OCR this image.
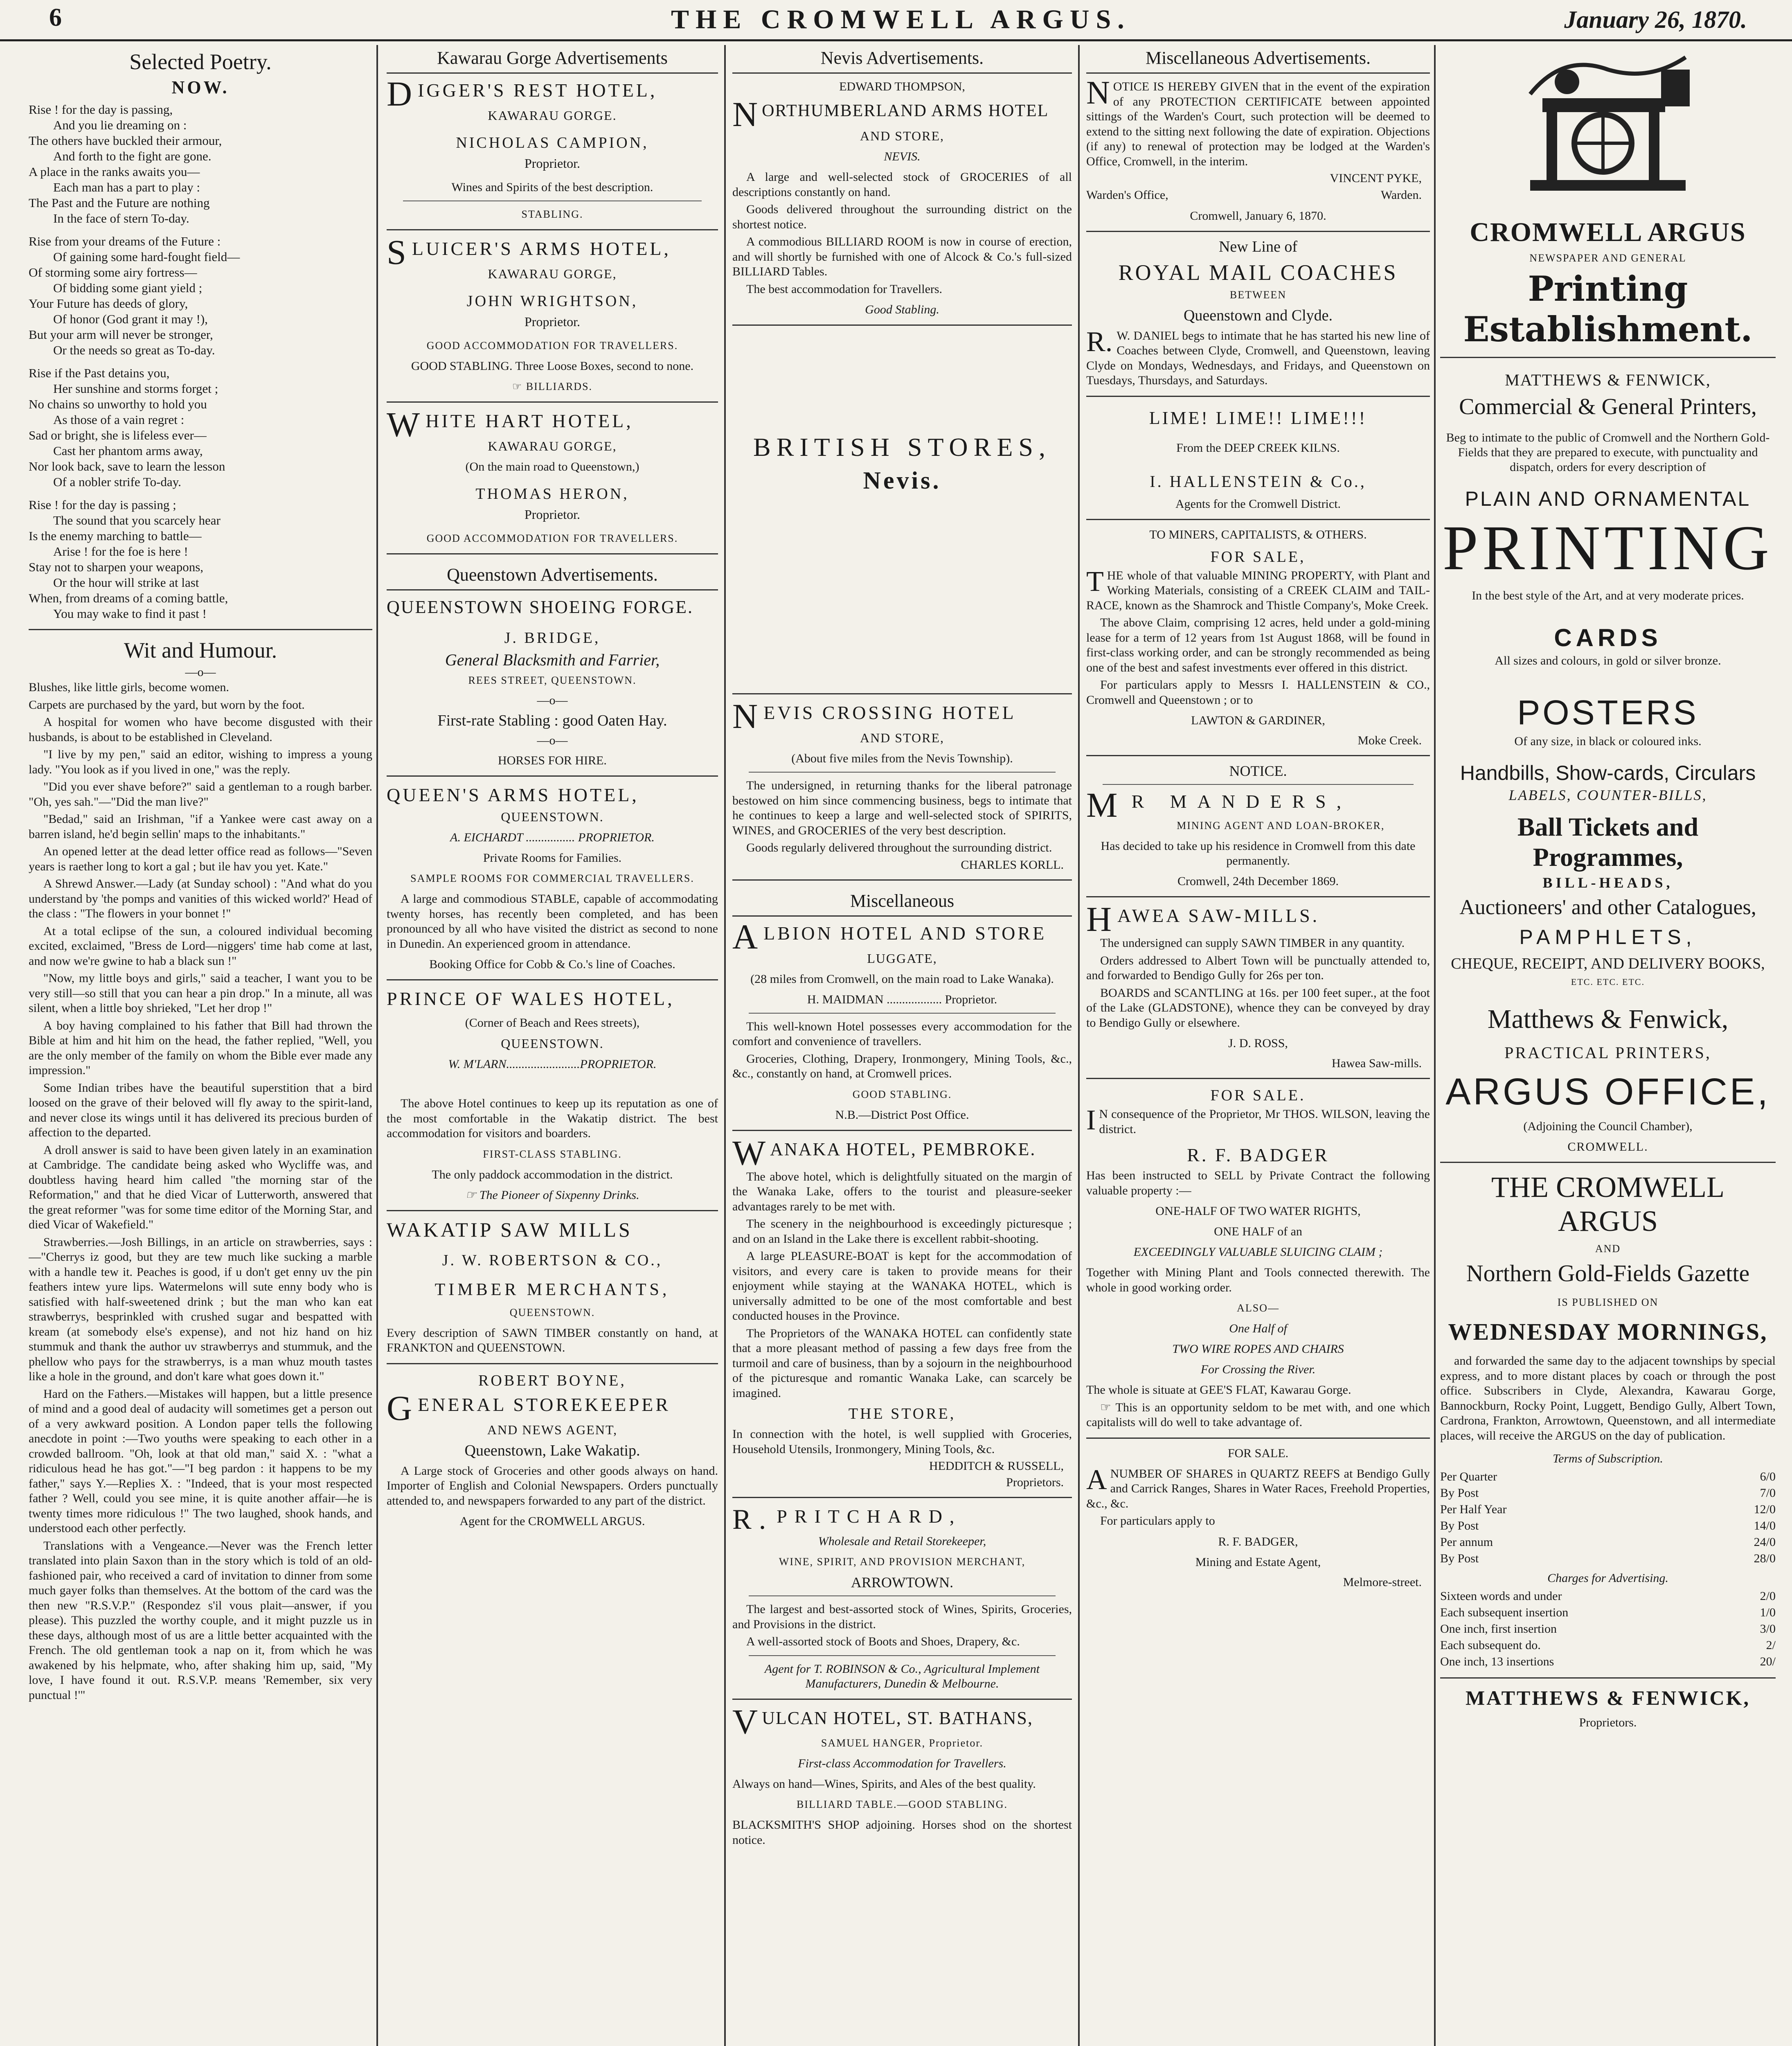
6	THE CROMWELL ARGUS.	January 26, 1870.
Selected Poetry.
NOW.
Rise ! for the day is passing,
And you lie dreaming on :
The others have buckled their armour,
And forth to the fight are gone.
A place in the ranks awaits you—
Each man has a part to play :
The Past and the Future are nothing
In the face of stern To-day.
Rise from your dreams of the Future :
Of gaining some hard-fought field—
Of storming some airy fortress—
Of bidding some giant yield ;
Your Future has deeds of glory,
Of honor (God grant it may !),
But your arm will never be stronger,
Or the needs so great as To-day.
Rise if the Past detains you,
Her sunshine and storms forget ;
No chains so unworthy to hold you
As those of a vain regret :
Sad or bright, she is lifeless ever—
Cast her phantom arms away,
Nor look back, save to learn the lesson
Of a nobler strife To-day.
Rise ! for the day is passing ;
The sound that you scarcely hear
Is the enemy marching to battle—
Arise ! for the foe is here !
Stay not to sharpen your weapons,
Or the hour will strike at last
When, from dreams of a coming battle,
You may wake to find it past !
Wit and Humour.
—o—

Blushes, like little girls, become women.

Carpets are purchased by the yard, but worn by the foot.

A hospital for women who have become disgusted with their husbands, is about to be established in Cleveland.

"I live by my pen," said an editor, wishing to impress a young lady. "You look as if you lived in one," was the reply.

"Did you ever shave before?" said a gentleman to a rough barber. "Oh, yes sah."—"Did the man live?"

"Bedad," said an Irishman, "if a Yankee were cast away on a barren island, he'd begin sellin' maps to the inhabitants."

An opened letter at the dead letter office read as follows—"Seven years is raether long to kort a gal ; but ile hav you yet. Kate."

A Shrewd Answer.—Lady (at Sunday school) : "And what do you understand by 'the pomps and vanities of this wicked world?' Head of the class : "The flowers in your bonnet !"

At a total eclipse of the sun, a coloured individual becoming excited, exclaimed, "Bress de Lord—niggers' time hab come at last, and now we're gwine to hab a black sun !"

"Now, my little boys and girls," said a teacher, I want you to be very still—so still that you can hear a pin drop." In a minute, all was silent, when a little boy shrieked, "Let her drop !"

A boy having complained to his father that Bill had thrown the Bible at him and hit him on the head, the father replied, "Well, you are the only member of the family on whom the Bible ever made any impression."

Some Indian tribes have the beautiful superstition that a bird loosed on the grave of their beloved will fly away to the spirit-land, and never close its wings until it has delivered its precious burden of affection to the departed.

A droll answer is said to have been given lately in an examination at Cambridge. The candidate being asked who Wycliffe was, and doubtless having heard him called "the morning star of the Reformation," and that he died Vicar of Lutterworth, answered that the great reformer "was for some time editor of the Morning Star, and died Vicar of Wakefield."

Strawberries.—Josh Billings, in an article on strawberries, says :—"Cherrys iz good, but they are tew much like sucking a marble with a handle tew it. Peaches is good, if u don't get enny uv the pin feathers intew yure lips. Watermelons will sute enny body who is satisfied with half-sweetened drink ; but the man who kan eat strawberrys, besprinkled with crushed sugar and bespatted with kream (at somebody else's expense), and not hiz hand on hiz stummuk and thank the author uv strawberrys and stummuk, and the phellow who pays for the strawberrys, is a man whuz mouth tastes like a hole in the ground, and don't kare what goes down it."

Hard on the Fathers.—Mistakes will happen, but a little presence of mind and a good deal of audacity will sometimes get a person out of a very awkward position. A London paper tells the following anecdote in point :—Two youths were speaking to each other in a crowded ballroom. "Oh, look at that old man," said X. : "what a ridiculous head he has got."—"I beg pardon : it happens to be my father," says Y.—Replies X. : "Indeed, that is your most respected father ? Well, could you see mine, it is quite another affair—he is twenty times more ridiculous !" The two laughed, shook hands, and understood each other perfectly.

Translations with a Vengeance.—Never was the French letter translated into plain Saxon than in the story which is told of an old-fashioned pair, who received a card of invitation to dinner from some much gayer folks than themselves. At the bottom of the card was the then new "R.S.V.P." (Respondez s'il vous plait—answer, if you please). This puzzled the worthy couple, and it might puzzle us in these days, although most of us are a little better acquainted with the French. The old gentleman took a nap on it, from which he was awakened by his helpmate, who, after shaking him up, said, "My love, I have found it out. R.S.V.P. means 'Remember, six very punctual !'"

Kawarau Gorge Advertisements
DIGGER'S REST HOTEL,
KAWARAU GORGE.
NICHOLAS CAMPION,
Proprietor.
Wines and Spirits of the best description.
STABLING.
SLUICER'S ARMS HOTEL,
KAWARAU GORGE,
JOHN WRIGHTSON,
Proprietor.
GOOD ACCOMMODATION FOR TRAVELLERS.
GOOD STABLING. Three Loose Boxes, second to none.
☞ BILLIARDS.
WHITE HART HOTEL,
KAWARAU GORGE,
(On the main road to Queenstown,)
THOMAS HERON,
Proprietor.
GOOD ACCOMMODATION FOR TRAVELLERS.
Queenstown Advertisements.
QUEENSTOWN SHOEING FORGE.
J. BRIDGE,
General Blacksmith and Farrier,
REES STREET, QUEENSTOWN.
—o—
First-rate Stabling : good Oaten Hay.
—o—
HORSES FOR HIRE.
QUEEN'S ARMS HOTEL,
QUEENSTOWN.
A. EICHARDT ................ PROPRIETOR.
Private Rooms for Families.
SAMPLE ROOMS FOR COMMERCIAL TRAVELLERS.
A large and commodious STABLE, capable of accommodating twenty horses, has recently been completed, and has been pronounced by all who have visited the district as second to none in Dunedin. An experienced groom in attendance.
Booking Office for Cobb & Co.'s line of Coaches.
PRINCE OF WALES HOTEL,
(Corner of Beach and Rees streets),
QUEENSTOWN.
W. M'LARN........................PROPRIETOR.
The above Hotel continues to keep up its reputation as one of the most comfortable in the Wakatip district. The best accommodation for visitors and boarders.
FIRST-CLASS STABLING.
The only paddock accommodation in the district.
☞ The Pioneer of Sixpenny Drinks.
WAKATIP SAW MILLS
J. W. ROBERTSON & CO.,
TIMBER MERCHANTS,
QUEENSTOWN.
Every description of SAWN TIMBER constantly on hand, at FRANKTON and QUEENSTOWN.
ROBERT BOYNE,
GENERAL STOREKEEPER
AND NEWS AGENT,
Queenstown, Lake Wakatip.
A Large stock of Groceries and other goods always on hand. Importer of English and Colonial Newspapers. Orders punctually attended to, and newspapers forwarded to any part of the district.
Agent for the CROMWELL ARGUS.
Nevis Advertisements.
EDWARD THOMPSON,
NORTHUMBERLAND ARMS HOTEL
AND STORE,
NEVIS.
A large and well-selected stock of GROCERIES of all descriptions constantly on hand.
Goods delivered throughout the surrounding district on the shortest notice.
A commodious BILLIARD ROOM is now in course of erection, and will shortly be furnished with one of Alcock & Co.'s full-sized BILLIARD Tables.
The best accommodation for Travellers.
Good Stabling.
BRITISH STORES,
Nevis.
NEVIS CROSSING HOTEL
AND STORE,
(About five miles from the Nevis Township).
The undersigned, in returning thanks for the liberal patronage bestowed on him since commencing business, begs to intimate that he continues to keep a large and well-selected stock of SPIRITS, WINES, and GROCERIES of the very best description.
Goods regularly delivered throughout the surrounding district.
CHARLES KORLL.
Miscellaneous
ALBION HOTEL AND STORE
LUGGATE,
(28 miles from Cromwell, on the main road to Lake Wanaka).
H. MAIDMAN .................. Proprietor.
This well-known Hotel possesses every accommodation for the comfort and convenience of travellers.
Groceries, Clothing, Drapery, Ironmongery, Mining Tools, &c., &c., constantly on hand, at Cromwell prices.
GOOD STABLING.
N.B.—District Post Office.
WANAKA HOTEL, PEMBROKE.
The above hotel, which is delightfully situated on the margin of the Wanaka Lake, offers to the tourist and pleasure-seeker advantages rarely to be met with.
The scenery in the neighbourhood is exceedingly picturesque ; and on an Island in the Lake there is excellent rabbit-shooting.
A large PLEASURE-BOAT is kept for the accommodation of visitors, and every care is taken to provide means for their enjoyment while staying at the WANAKA HOTEL, which is universally admitted to be one of the most comfortable and best conducted houses in the Province.
The Proprietors of the WANAKA HOTEL can confidently state that a more pleasant method of passing a few days free from the turmoil and care of business, than by a sojourn in the neighbourhood of the picturesque and romantic Wanaka Lake, can scarcely be imagined.
THE STORE,
In connection with the hotel, is well supplied with Groceries, Household Utensils, Ironmongery, Mining Tools, &c.
HEDDITCH & RUSSELL,
Proprietors.
R. PRITCHARD,
Wholesale and Retail Storekeeper,
WINE, SPIRIT, AND PROVISION MERCHANT,
ARROWTOWN.
The largest and best-assorted stock of Wines, Spirits, Groceries, and Provisions in the district.
A well-assorted stock of Boots and Shoes, Drapery, &c.
Agent for T. ROBINSON & Co., Agricultural Implement Manufacturers, Dunedin & Melbourne.
VULCAN HOTEL, ST. BATHANS,
SAMUEL HANGER, Proprietor.
First-class Accommodation for Travellers.
Always on hand—Wines, Spirits, and Ales of the best quality.
BILLIARD TABLE.—GOOD STABLING.
BLACKSMITH'S SHOP adjoining. Horses shod on the shortest notice.
Miscellaneous Advertisements.
NOTICE IS HEREBY GIVEN that in the event of the expiration of any PROTECTION CERTIFICATE between appointed sittings of the Warden's Court, such protection will be deemed to extend to the sitting next following the date of expiration. Objections (if any) to renewal of protection may be lodged at the Warden's Office, Cromwell, in the interim.
VINCENT PYKE,
Warden's Office,	Warden.
Cromwell, January 6, 1870.
New Line of
ROYAL MAIL COACHES
BETWEEN
Queenstown and Clyde.
R. W. DANIEL begs to intimate that he has started his new line of Coaches between Clyde, Cromwell, and Queenstown, leaving Clyde on Mondays, Wednesdays, and Fridays, and Queenstown on Tuesdays, Thursdays, and Saturdays.
LIME! LIME!! LIME!!!
From the DEEP CREEK KILNS.
I. HALLENSTEIN & Co.,
Agents for the Cromwell District.
TO MINERS, CAPITALISTS, & OTHERS.
FOR SALE,
THE whole of that valuable MINING PROPERTY, with Plant and Working Materials, consisting of a CREEK CLAIM and TAIL-RACE, known as the Shamrock and Thistle Company's, Moke Creek.
The above Claim, comprising 12 acres, held under a gold-mining lease for a term of 12 years from 1st August 1868, will be found in first-class working order, and can be strongly recommended as being one of the best and safest investments ever offered in this district.
For particulars apply to Messrs I. HALLENSTEIN & CO., Cromwell and Queenstown ; or to
LAWTON & GARDINER,
Moke Creek.
NOTICE.
M R MANDERS,
MINING AGENT AND LOAN-BROKER,
Has decided to take up his residence in Cromwell from this date permanently.
Cromwell, 24th December 1869.
HAWEA SAW-MILLS.
The undersigned can supply SAWN TIMBER in any quantity.
Orders addressed to Albert Town will be punctually attended to, and forwarded to Bendigo Gully for 26s per ton.
BOARDS and SCANTLING at 16s. per 100 feet super., at the foot of the Lake (GLADSTONE), whence they can be conveyed by dray to Bendigo Gully or elsewhere.
J. D. ROSS,
Hawea Saw-mills.
FOR SALE.
I N consequence of the Proprietor, Mr THOS. WILSON, leaving the district.
R. F. BADGER
Has been instructed to SELL by Private Contract the following valuable property :—
ONE-HALF OF TWO WATER RIGHTS,
ONE HALF of an
EXCEEDINGLY VALUABLE SLUICING CLAIM ;
Together with Mining Plant and Tools connected therewith. The whole in good working order.
ALSO—
One Half of
TWO WIRE ROPES AND CHAIRS
For Crossing the River.
The whole is situate at GEE'S FLAT, Kawarau Gorge.
☞ This is an opportunity seldom to be met with, and one which capitalists will do well to take advantage of.
FOR SALE.
ANUMBER OF SHARES in QUARTZ REEFS at Bendigo Gully and Carrick Ranges, Shares in Water Races, Freehold Properties, &c., &c.
For particulars apply to
R. F. BADGER,
Mining and Estate Agent,
Melmore-street.
CROMWELL ARGUS
NEWSPAPER AND GENERAL
Printing Establishment.
MATTHEWS & FENWICK,
Commercial & General Printers,
Beg to intimate to the public of Cromwell and the Northern Gold-Fields that they are prepared to execute, with punctuality and dispatch, orders for every description of
PLAIN AND ORNAMENTAL
PRINTING
In the best style of the Art, and at very moderate prices.
CARDS
All sizes and colours, in gold or silver bronze.
POSTERS
Of any size, in black or coloured inks.
Handbills, Show-cards, Circulars
LABELS, COUNTER-BILLS,
Ball Tickets and Programmes,
BILL-HEADS,
Auctioneers' and other Catalogues,
PAMPHLETS,
CHEQUE, RECEIPT, AND DELIVERY BOOKS,
ETC. ETC. ETC.
Matthews & Fenwick,
PRACTICAL PRINTERS,
ARGUS OFFICE,
(Adjoining the Council Chamber),
CROMWELL.
THE CROMWELL ARGUS
AND
Northern Gold-Fields Gazette
IS PUBLISHED ON
WEDNESDAY MORNINGS,
and forwarded the same day to the adjacent townships by special express, and to more distant places by coach or through the post office. Subscribers in Clyde, Alexandra, Kawarau Gorge, Bannockburn, Rocky Point, Luggett, Bendigo Gully, Albert Town, Cardrona, Frankton, Arrowtown, Queenstown, and all intermediate places, will receive the ARGUS on the day of publication.
Terms of Subscription.
Per Quarter	6/0
By Post	7/0
Per Half Year	12/0
By Post	14/0
Per annum	24/0
By Post	28/0
Charges for Advertising.
Sixteen words and under	2/0
Each subsequent insertion	1/0
One inch, first insertion	3/0
Each subsequent do.	2/
One inch, 13 insertions	20/
MATTHEWS & FENWICK,
Proprietors.
